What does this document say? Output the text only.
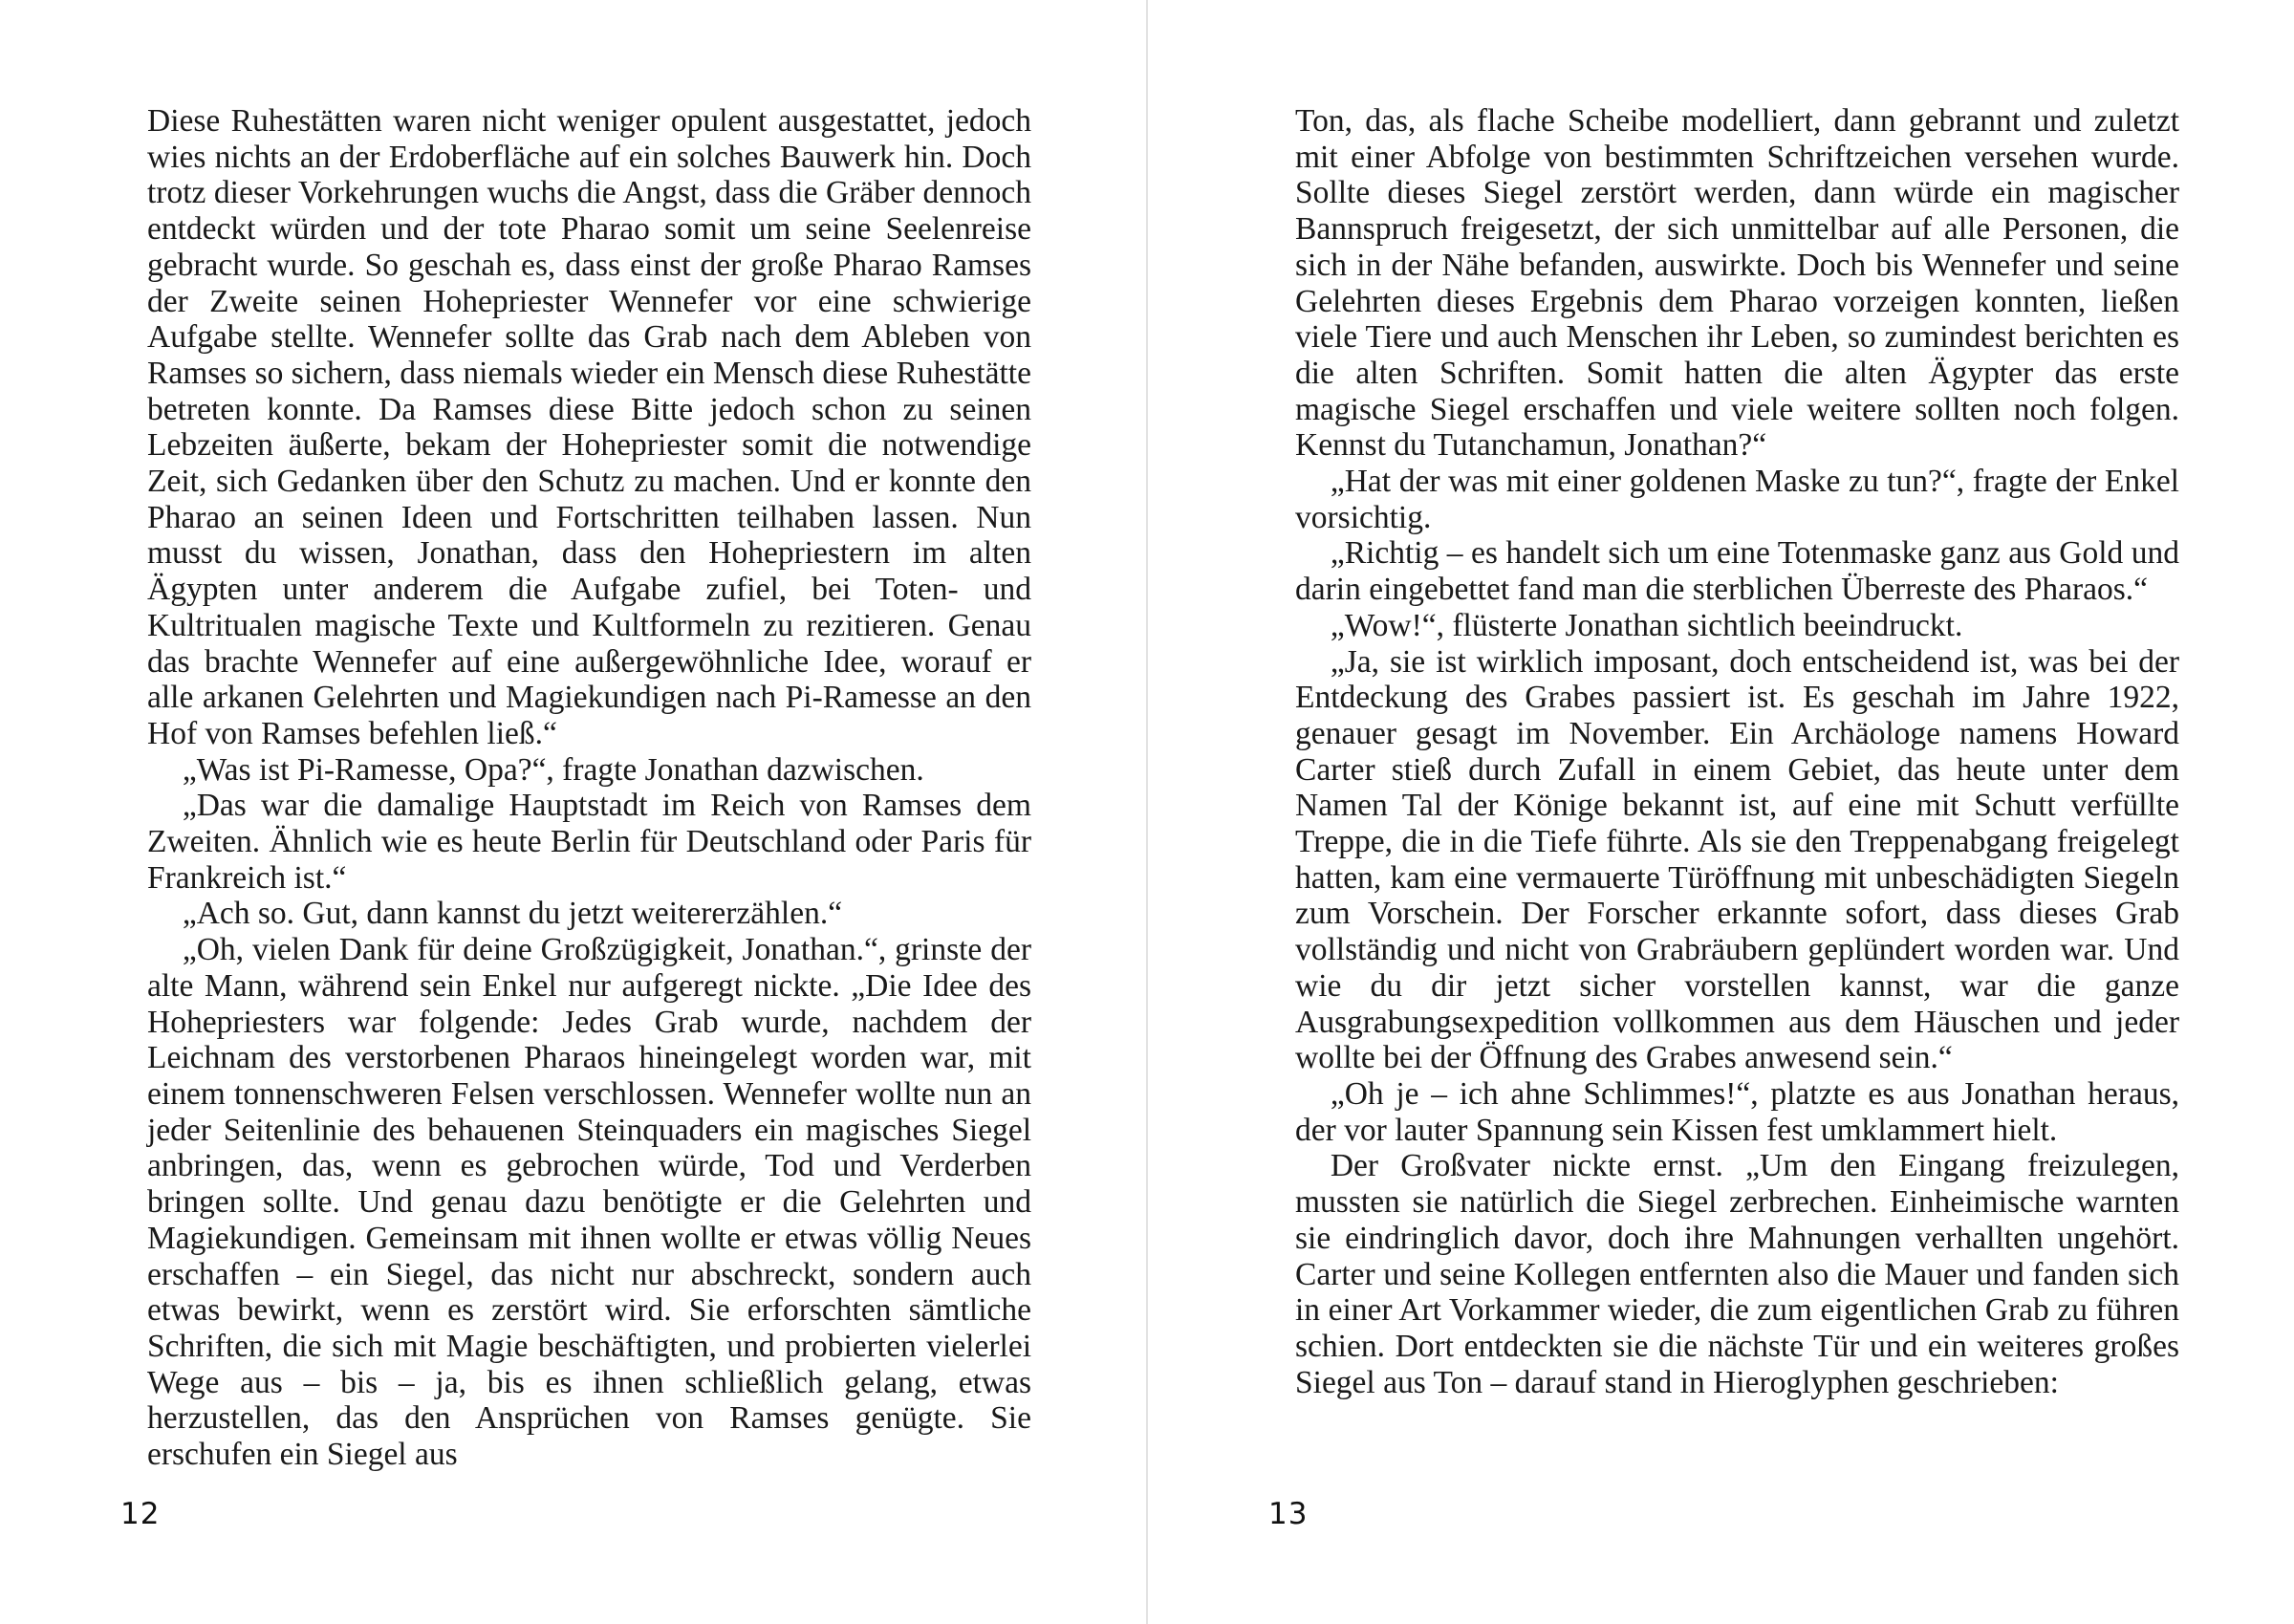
Diese Ruhestätten waren nicht weniger opulent ausgestattet, jedoch wies nichts an der Erdoberfläche auf ein solches Bauwerk hin. Doch trotz dieser Vorkehrungen wuchs die Angst, dass die Gräber dennoch entdeckt würden und der tote Pharao somit um seine Seelenreise gebracht wurde. So geschah es, dass einst der große Pharao Ramses der Zweite seinen Hohepriester Wennefer vor eine schwierige Aufgabe stellte. Wennefer sollte das Grab nach dem Ableben von Ramses so sichern, dass niemals wieder ein Mensch diese Ruhestätte betreten konnte. Da Ramses diese Bitte jedoch schon zu seinen Lebzeiten äußerte, bekam der Hohepriester somit die notwendige Zeit, sich Gedanken über den Schutz zu machen. Und er konnte den Pharao an seinen Ideen und Fortschritten teilhaben lassen. Nun musst du wissen, Jonathan, dass den Hohepriestern im alten Ägypten unter anderem die Aufgabe zufiel, bei Toten- und Kultritualen magische Texte und Kultformeln zu rezitieren. Genau das brachte Wennefer auf eine außergewöhnliche Idee, worauf er alle arkanen Gelehrten und Magiekundigen nach Pi-Ramesse an den Hof von Ramses befehlen ließ.“

„Was ist Pi-Ramesse, Opa?“, fragte Jonathan dazwischen.

„Das war die damalige Hauptstadt im Reich von Ramses dem Zweiten. Ähnlich wie es heute Berlin für Deutschland oder Paris für Frankreich ist.“

„Ach so. Gut, dann kannst du jetzt weitererzählen.“

„Oh, vielen Dank für deine Großzügigkeit, Jonathan.“, grinste der alte Mann, während sein Enkel nur aufgeregt nickte. „Die Idee des Hohepriesters war folgende: Jedes Grab wurde, nachdem der Leichnam des verstorbenen Pharaos hineingelegt worden war, mit einem tonnenschweren Felsen verschlossen. Wennefer wollte nun an jeder Seitenlinie des behauenen Steinquaders ein magisches Siegel anbringen, das, wenn es gebrochen würde, Tod und Verderben bringen sollte. Und genau dazu benötigte er die Gelehrten und Magiekundigen. Gemeinsam mit ihnen wollte er etwas völlig Neues erschaffen – ein Siegel, das nicht nur abschreckt, sondern auch etwas bewirkt, wenn es zerstört wird. Sie erforschten sämtliche Schriften, die sich mit Magie beschäftigten, und probierten vielerlei Wege aus – bis – ja, bis es ihnen schließlich gelang, etwas herzustellen, das den Ansprüchen von Ramses genügte. Sie erschufen ein Siegel aus

12

Ton, das, als flache Scheibe modelliert, dann gebrannt und zuletzt mit einer Abfolge von bestimmten Schriftzeichen versehen wurde. Sollte dieses Siegel zerstört werden, dann würde ein magischer Bannspruch freigesetzt, der sich unmittelbar auf alle Personen, die sich in der Nähe befanden, auswirkte. Doch bis Wennefer und seine Gelehrten dieses Ergebnis dem Pharao vorzeigen konnten, ließen viele Tiere und auch Menschen ihr Leben, so zumindest berichten es die alten Schriften. Somit hatten die alten Ägypter das erste magische Siegel erschaffen und viele weitere sollten noch folgen. Kennst du Tutanchamun, Jonathan?“

„Hat der was mit einer goldenen Maske zu tun?“, fragte der Enkel vorsichtig.

„Richtig – es handelt sich um eine Totenmaske ganz aus Gold und darin eingebettet fand man die sterblichen Überreste des Pharaos.“

„Wow!“, flüsterte Jonathan sichtlich beeindruckt.

„Ja, sie ist wirklich imposant, doch entscheidend ist, was bei der Entdeckung des Grabes passiert ist. Es geschah im Jahre 1922, genauer gesagt im November. Ein Archäologe namens Howard Carter stieß durch Zufall in einem Gebiet, das heute unter dem Namen Tal der Könige bekannt ist, auf eine mit Schutt verfüllte Treppe, die in die Tiefe führte. Als sie den Treppenabgang freigelegt hatten, kam eine vermauerte Türöffnung mit unbeschädigten Siegeln zum Vorschein. Der Forscher erkannte sofort, dass dieses Grab vollständig und nicht von Grabräubern geplündert worden war. Und wie du dir jetzt sicher vorstellen kannst, war die ganze Ausgrabungsexpedition vollkommen aus dem Häuschen und jeder wollte bei der Öffnung des Grabes anwesend sein.“

„Oh je – ich ahne Schlimmes!“, platzte es aus Jonathan heraus, der vor lauter Spannung sein Kissen fest umklammert hielt.

Der Großvater nickte ernst. „Um den Eingang freizulegen, mussten sie natürlich die Siegel zerbrechen. Einheimische warnten sie eindringlich davor, doch ihre Mahnungen verhallten ungehört. Carter und seine Kollegen entfernten also die Mauer und fanden sich in einer Art Vorkammer wieder, die zum eigentlichen Grab zu führen schien. Dort entdeckten sie die nächste Tür und ein weiteres großes Siegel aus Ton – darauf stand in Hieroglyphen geschrieben:

13
